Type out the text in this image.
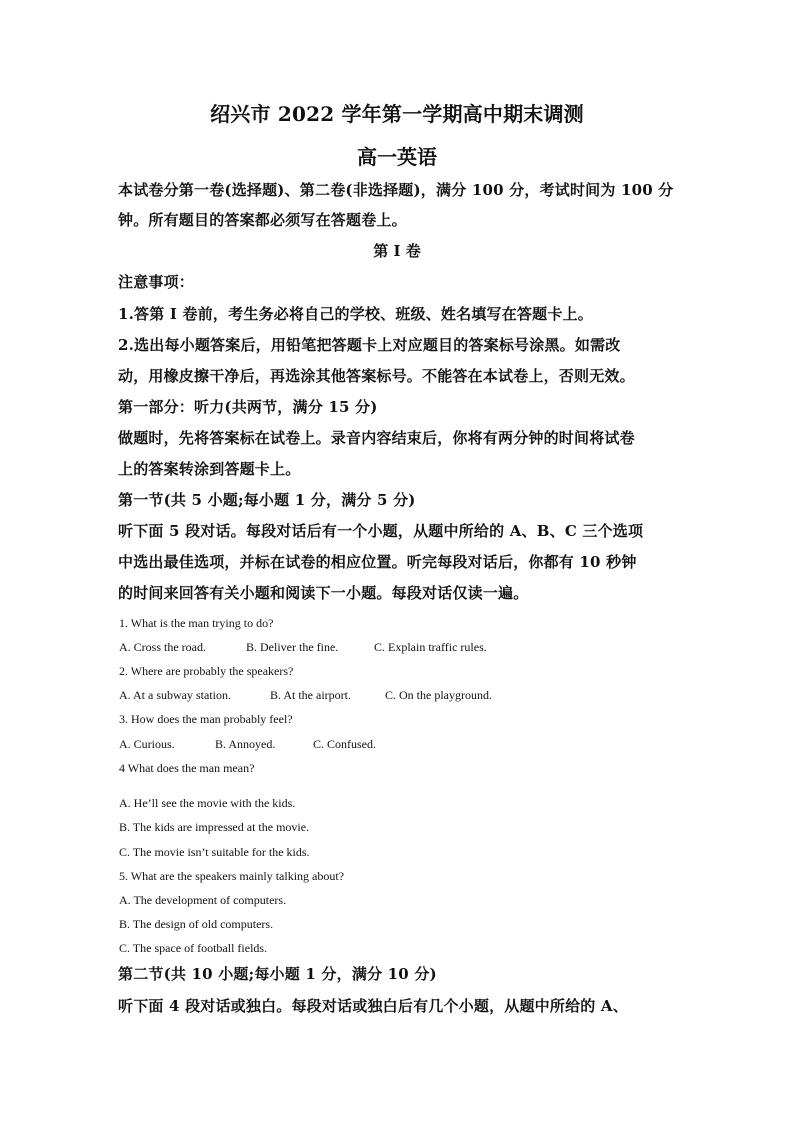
绍兴市 2022 学年第一学期高中期末调测
高一英语
本试卷分第一卷(选择题)、第二卷(非选择题)，满分 100 分，考试时间为 100 分
钟。所有题目的答案都必须写在答题卷上。
第 I 卷
注意事项：
1.答第 I 卷前，考生务必将自己的学校、班级、姓名填写在答题卡上。
2.选出每小题答案后，用铅笔把答题卡上对应题目的答案标号涂黑。如需改
动，用橡皮擦干净后，再选涂其他答案标号。不能答在本试卷上，否则无效。
第一部分：听力(共两节，满分 15 分)
做题时，先将答案标在试卷上。录音内容结束后，你将有两分钟的时间将试卷
上的答案转涂到答题卡上。
第一节(共 5 小题;每小题 1 分，满分 5 分)
听下面 5 段对话。每段对话后有一个小题，从题中所给的 A、B、C 三个选项
中选出最佳选项，并标在试卷的相应位置。听完每段对话后，你都有 10 秒钟
的时间来回答有关小题和阅读下一小题。每段对话仅读一遍。
1. What is the man trying to do?
A. Cross the road.	B. Deliver the fine.	C. Explain traffic rules.
2. Where are probably the speakers?
A. At a subway station.	B. At the airport.	C. On the playground.
3. How does the man probably feel?
A. Curious.	B. Annoyed.	C. Confused.
4 What does the man mean?
A. He’ll see the movie with the kids.
B. The kids are impressed at the movie.
C. The movie isn’t suitable for the kids.
5. What are the speakers mainly talking about?
A. The development of computers.
B. The design of old computers.
C. The space of football fields.
第二节(共 10 小题;每小题 1 分，满分 10 分)
听下面 4 段对话或独白。每段对话或独白后有几个小题，从题中所给的 A、
